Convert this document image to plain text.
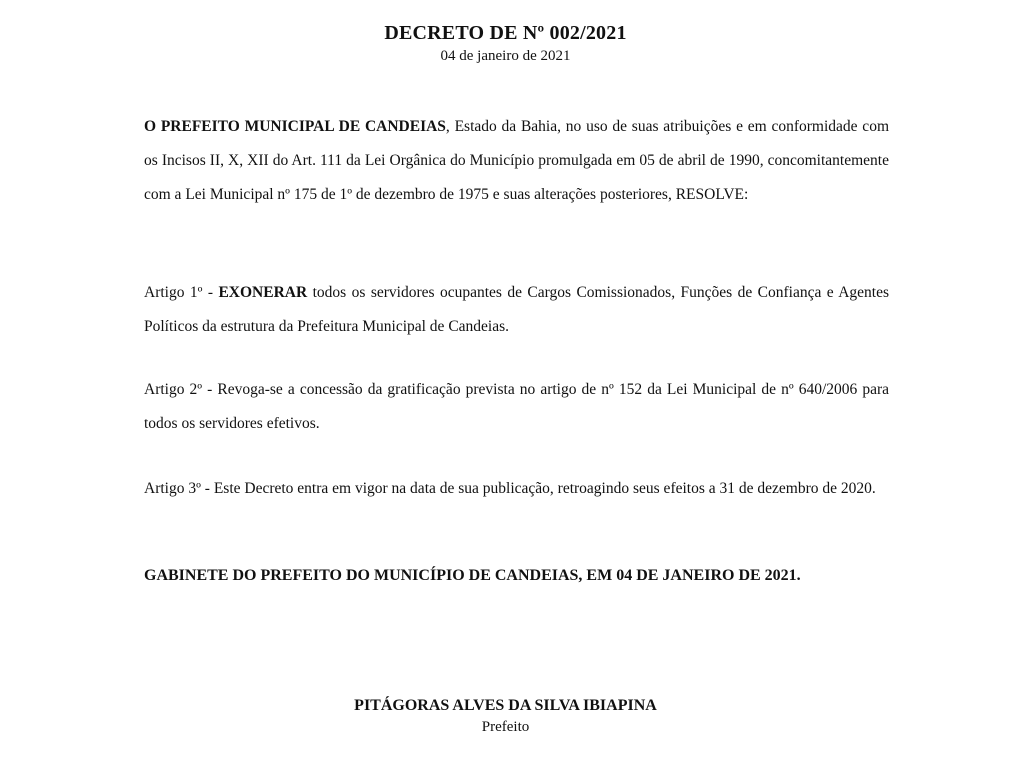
DECRETO DE Nº 002/2021
04 de janeiro de 2021
O PREFEITO MUNICIPAL DE CANDEIAS, Estado da Bahia, no uso de suas atribuições e em conformidade com os Incisos II, X, XII do Art. 111 da Lei Orgânica do Município promulgada em 05 de abril de 1990, concomitantemente com a Lei Municipal nº 175 de 1º de dezembro de 1975 e suas alterações posteriores, RESOLVE:
Artigo 1º - EXONERAR todos os servidores ocupantes de Cargos Comissionados, Funções de Confiança e Agentes Políticos da estrutura da Prefeitura Municipal de Candeias.
Artigo 2º - Revoga-se a concessão da gratificação prevista no artigo de nº 152 da Lei Municipal de nº 640/2006 para todos os servidores efetivos.
Artigo 3º - Este Decreto entra em vigor na data de sua publicação, retroagindo seus efeitos a 31 de dezembro de 2020.
GABINETE DO PREFEITO DO MUNICÍPIO DE CANDEIAS, EM 04 DE JANEIRO DE 2021.
PITÁGORAS ALVES DA SILVA IBIAPINA
Prefeito
